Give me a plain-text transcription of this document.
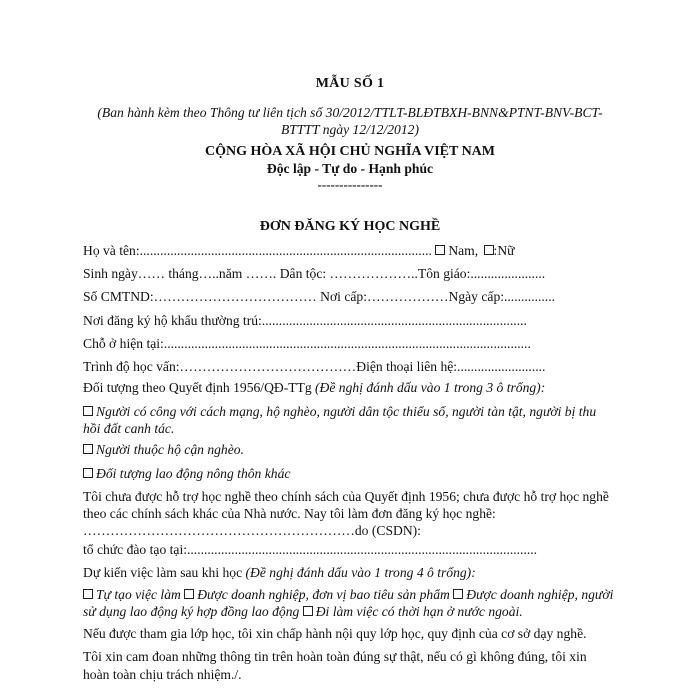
MẪU SỐ 1
(Ban hành kèm theo Thông tư liên tịch số 30/2012/TTLT-BLĐTBXH-BNN&PTNT-BNV-BCT-
BTTTT ngày 12/12/2012)
CỘNG HÒA XÃ HỘI CHỦ NGHĨA VIỆT NAM
Độc lập - Tự do - Hạnh phúc
---------------
ĐƠN ĐĂNG KÝ HỌC NGHỀ
Họ và tên:...................................................................................... Nam, :Nữ
Sinh ngày…… tháng…..năm ……. Dân tộc: ………………..Tôn giáo:......................
Số CMTND:……………………………… Nơi cấp:………………Ngày cấp:...............
Nơi đăng ký hộ khẩu thường trú:..............................................................................
Chỗ ở hiện tại:............................................................................................................
Trình độ học vấn:…………………………………Điện thoại liên hệ:..........................
Đối tượng theo Quyết định 1956/QĐ-TTg (Đề nghị đánh dấu vào 1 trong 3 ô trống):
Người có công với cách mạng, hộ nghèo, người dân tộc thiểu số, người tàn tật, người bị thu
hồi đất canh tác.
Người thuộc hộ cận nghèo.
Đối tượng lao động nông thôn khác
Tôi chưa được hỗ trợ học nghề theo chính sách của Quyết định 1956; chưa được hỗ trợ học nghề
theo các chính sách khác của Nhà nước. Nay tôi làm đơn đăng ký học nghề:
……………………………………………………do (CSDN):
tổ chức đào tạo tại:.......................................................................................................
Dự kiến việc làm sau khi học (Đề nghị đánh dấu vào 1 trong 4 ô trống):
Tự tạo việc làm Được doanh nghiệp, đơn vị bao tiêu sản phẩm Được doanh nghiệp, người
sử dụng lao động ký hợp đồng lao động Đi làm việc có thời hạn ở nước ngoài.
Nếu được tham gia lớp học, tôi xin chấp hành nội quy lớp học, quy định của cơ sở dạy nghề.
Tôi xin cam đoan những thông tin trên hoàn toàn đúng sự thật, nếu có gì không đúng, tôi xin
hoàn toàn chịu trách nhiệm./.
